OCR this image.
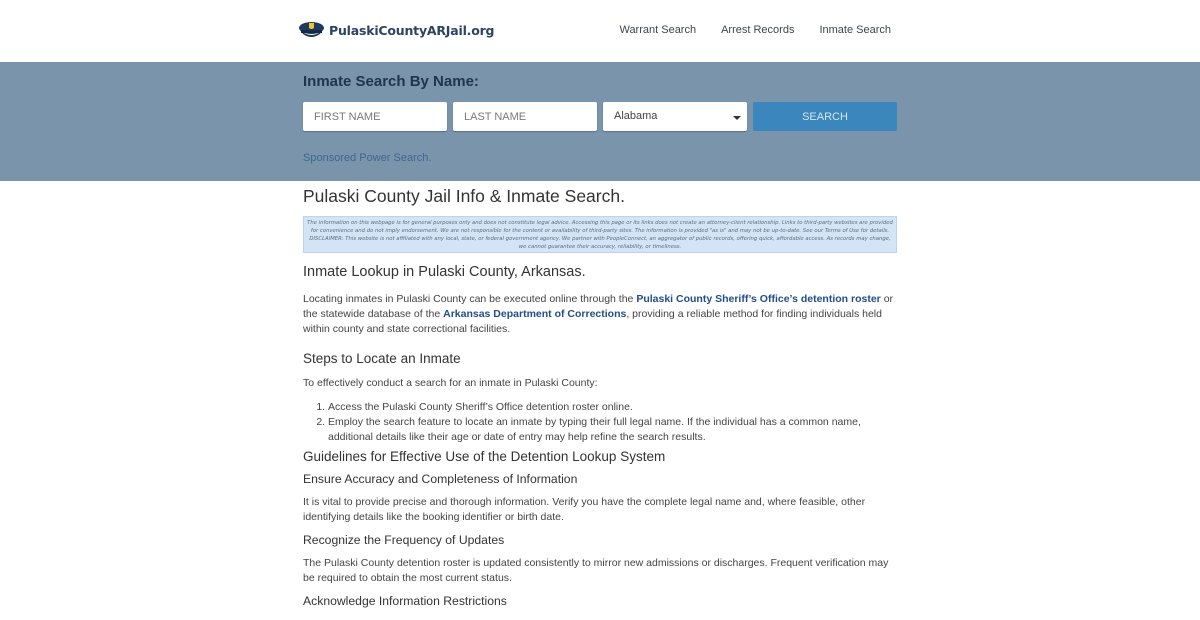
PulaskiCountyARJail.org	Warrant Search Arrest Records Inmate Search
Inmate Search By Name:
FIRST NAME
LAST NAME
Alabama	SEARCH
Sponsored Power Search.
Pulaski County Jail Info & Inmate Search.
The information on this webpage is for general purposes only and does not constitute legal advice. Accessing this page or its links does not create an attorney-client relationship. Links to third-party websites are provided for convenience and do not imply endorsement. We are not responsible for the content or availability of third-party sites. The information is provided "as is" and may not be up-to-date. See our Terms of Use for details. DISCLAIMER: This website is not affiliated with any local, state, or federal government agency. We partner with PeopleConnect, an aggregator of public records, offering quick, affordable access. As records may change, we cannot guarantee their accuracy, reliability, or timeliness.
Inmate Lookup in Pulaski County, Arkansas.

Locating inmates in Pulaski County can be executed online through the Pulaski County Sheriff’s Office’s detention roster or the statewide database of the Arkansas Department of Corrections, providing a reliable method for finding individuals held within county and state correctional facilities.

Steps to Locate an Inmate

To effectively conduct a search for an inmate in Pulaski County:

1. Access the Pulaski County Sheriff’s Office detention roster online.
2. Employ the search feature to locate an inmate by typing their full legal name. If the individual has a common name, additional details like their age or date of entry may help refine the search results.
Guidelines for Effective Use of the Detention Lookup System
Ensure Accuracy and Completeness of Information

It is vital to provide precise and thorough information. Verify you have the complete legal name and, where feasible, other identifying details like the booking identifier or birth date.

Recognize the Frequency of Updates

The Pulaski County detention roster is updated consistently to mirror new admissions or discharges. Frequent verification may be required to obtain the most current status.

Acknowledge Information Restrictions
